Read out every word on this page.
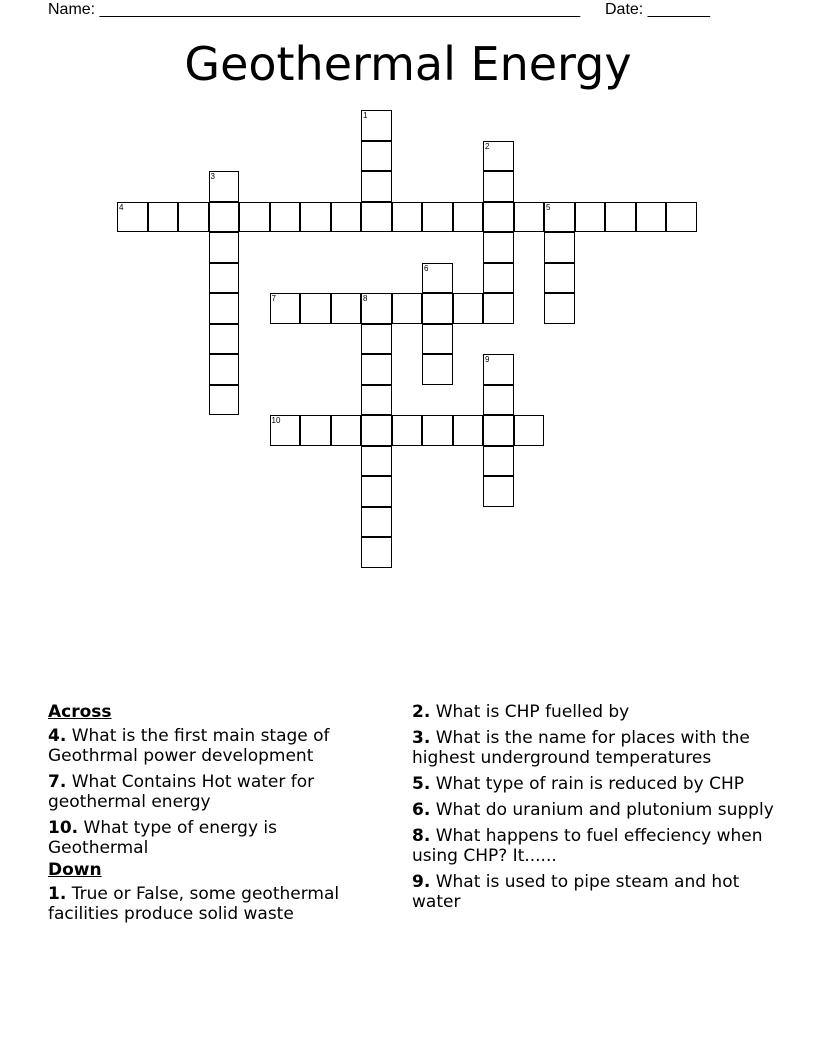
Name: ______________________________________________________ Date: _______
Geothermal Energy
1
2
3
4	5
6
7	8
9
10
Across
4. What is the first main stage of Geothrmal power development
7. What Contains Hot water for geothermal energy
10. What type of energy is Geothermal
Down
1. True or False, some geothermal facilities produce solid waste
2. What is CHP fuelled by
3. What is the name for places with the highest underground temperatures
5. What type of rain is reduced by CHP
6. What do uranium and plutonium supply
8. What happens to fuel effeciency when using CHP? It......
9. What is used to pipe steam and hot water
